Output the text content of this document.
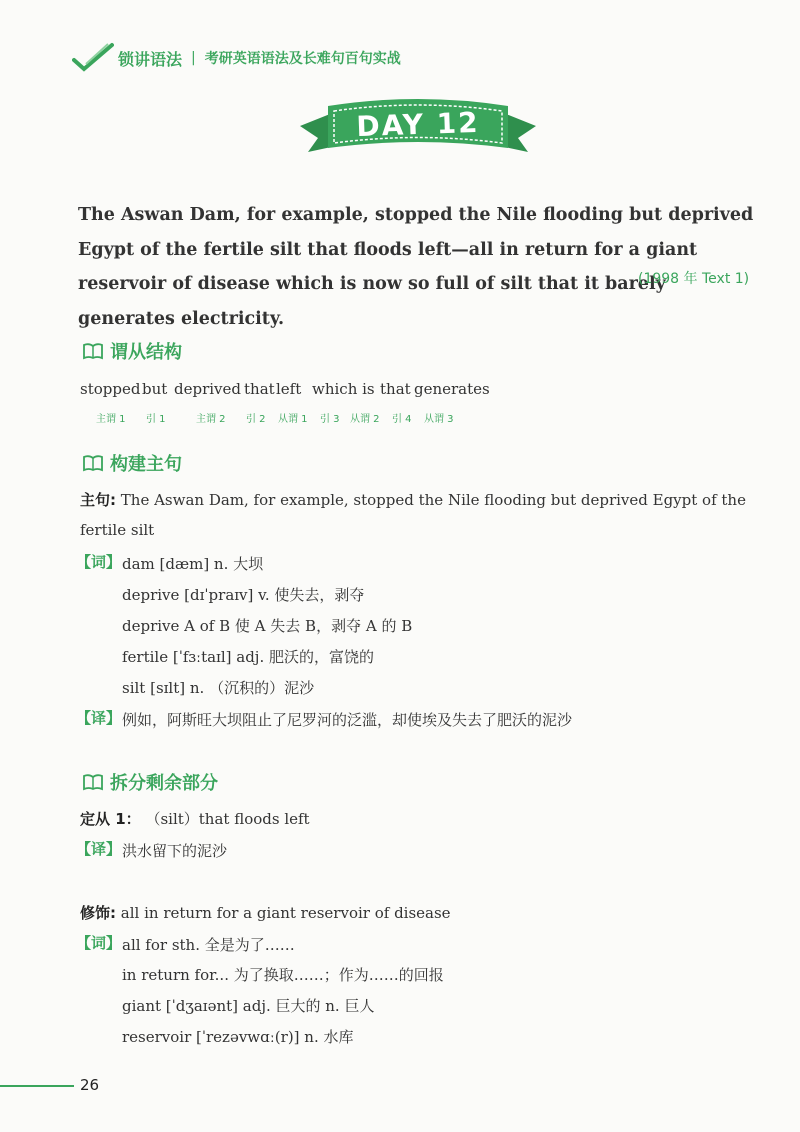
锁讲语法 | 考研英语语法及长难句百句实战
DAY 12
The Aswan Dam, for example, stopped the Nile flooding but deprived Egypt of the fertile silt that floods left—all in return for a giant reservoir of disease which is now so full of silt that it barely generates electricity.
(1998 年 Text 1)
谓从结构
stopped but deprived that left which is that generates
主谓 1 引 1	主谓 2 引 2 从谓 1 引 3 从谓 2 引 4 从谓 3
构建主句
主句: The Aswan Dam, for example, stopped the Nile flooding but deprived Egypt of the
fertile silt
【词】 dam [dæm] n. 大坝
deprive [dɪˈpraɪv] v. 使失去，剥夺
deprive A of B 使 A 失去 B，剥夺 A 的 B
fertile [ˈfɜːtaɪl] adj. 肥沃的，富饶的
silt [sɪlt] n. （沉积的）泥沙
【译】 例如，阿斯旺大坝阻止了尼罗河的泛滥，却使埃及失去了肥沃的泥沙
拆分剩余部分
定从 1： （silt）that floods left
【译】 洪水留下的泥沙
修饰: all in return for a giant reservoir of disease
【词】 all for sth. 全是为了……
in return for... 为了换取……；作为……的回报
giant [ˈdʒaɪənt] adj. 巨大的 n. 巨人
reservoir [ˈrezəvwɑː(r)] n. 水库
26
